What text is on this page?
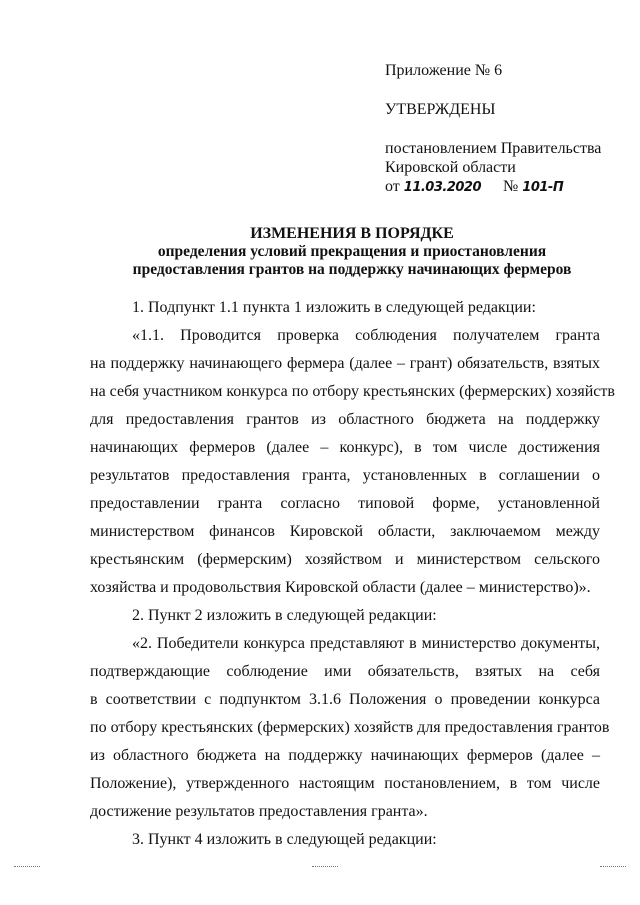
Приложение № 6
УТВЕРЖДЕНЫ
постановлением Правительства
Кировской области
от 11.03.2020 № 101-П
ИЗМЕНЕНИЯ В ПОРЯДКЕ
определения условий прекращения и приостановления
предоставления грантов на поддержку начинающих фермеров
1. Подпункт 1.1 пункта 1 изложить в следующей редакции:
«1.1. Проводится проверка соблюдения получателем гранта
на поддержку начинающего фермера (далее – грант) обязательств, взятых
на себя участником конкурса по отбору крестьянских (фермерских) хозяйств
для предоставления грантов из областного бюджета на поддержку
начинающих фермеров (далее – конкурс), в том числе достижения
результатов предоставления гранта, установленных в соглашении о
предоставлении гранта согласно типовой форме, установленной
министерством финансов Кировской области, заключаемом между
крестьянским (фермерским) хозяйством и министерством сельского
хозяйства и продовольствия Кировской области (далее – министерство)».
2. Пункт 2 изложить в следующей редакции:
«2. Победители конкурса представляют в министерство документы,
подтверждающие соблюдение ими обязательств, взятых на себя
в соответствии с подпунктом 3.1.6 Положения о проведении конкурса
по отбору крестьянских (фермерских) хозяйств для предоставления грантов
из областного бюджета на поддержку начинающих фермеров (далее –
Положение), утвержденного настоящим постановлением, в том числе
достижение результатов предоставления гранта».
3. Пункт 4 изложить в следующей редакции:
